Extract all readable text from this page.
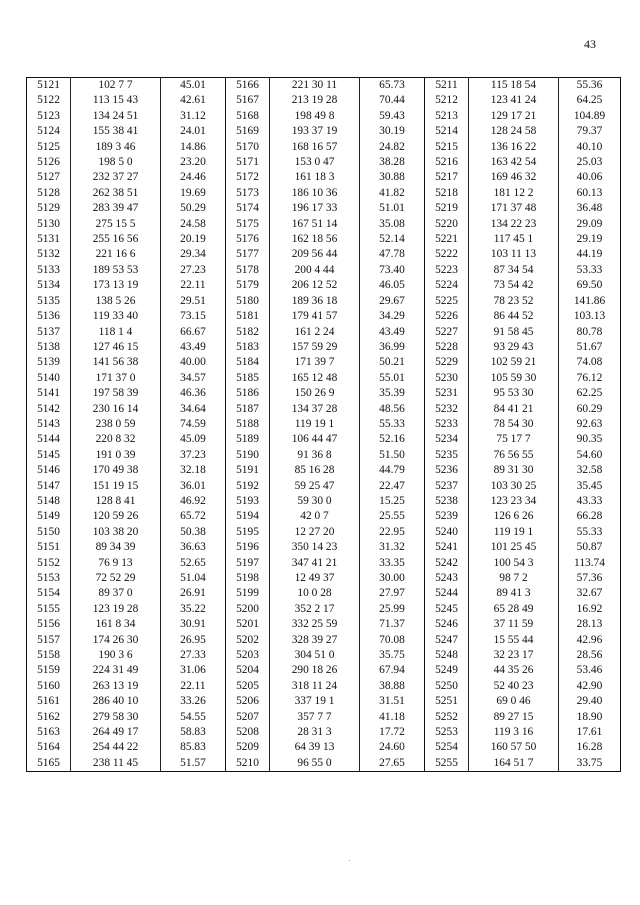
43
5121	102 7 7	45.01	5166	221 30 11	65.73	5211	115 18 54	55.36
5122	113 15 43	42.61	5167	213 19 28	70.44	5212	123 41 24	64.25
5123	134 24 51	31.12	5168	198 49 8	59.43	5213	129 17 21	104.89
5124	155 38 41	24.01	5169	193 37 19	30.19	5214	128 24 58	79.37
5125	189 3 46	14.86	5170	168 16 57	24.82	5215	136 16 22	40.10
5126	198 5 0	23.20	5171	153 0 47	38.28	5216	163 42 54	25.03
5127	232 37 27	24.46	5172	161 18 3	30.88	5217	169 46 32	40.06
5128	262 38 51	19.69	5173	186 10 36	41.82	5218	181 12 2	60.13
5129	283 39 47	50.29	5174	196 17 33	51.01	5219	171 37 48	36.48
5130	275 15 5	24.58	5175	167 51 14	35.08	5220	134 22 23	29.09
5131	255 16 56	20.19	5176	162 18 56	52.14	5221	117 45 1	29.19
5132	221 16 6	29.34	5177	209 56 44	47.78	5222	103 11 13	44.19
5133	189 53 53	27.23	5178	200 4 44	73.40	5223	87 34 54	53.33
5134	173 13 19	22.11	5179	206 12 52	46.05	5224	73 54 42	69.50
5135	138 5 26	29.51	5180	189 36 18	29.67	5225	78 23 52	141.86
5136	119 33 40	73.15	5181	179 41 57	34.29	5226	86 44 52	103.13
5137	118 1 4	66.67	5182	161 2 24	43.49	5227	91 58 45	80.78
5138	127 46 15	43.49	5183	157 59 29	36.99	5228	93 29 43	51.67
5139	141 56 38	40.00	5184	171 39 7	50.21	5229	102 59 21	74.08
5140	171 37 0	34.57	5185	165 12 48	55.01	5230	105 59 30	76.12
5141	197 58 39	46.36	5186	150 26 9	35.39	5231	95 53 30	62.25
5142	230 16 14	34.64	5187	134 37 28	48.56	5232	84 41 21	60.29
5143	238 0 59	74.59	5188	119 19 1	55.33	5233	78 54 30	92.63
5144	220 8 32	45.09	5189	106 44 47	52.16	5234	75 17 7	90.35
5145	191 0 39	37.23	5190	91 36 8	51.50	5235	76 56 55	54.60
5146	170 49 38	32.18	5191	85 16 28	44.79	5236	89 31 30	32.58
5147	151 19 15	36.01	5192	59 25 47	22.47	5237	103 30 25	35.45
5148	128 8 41	46.92	5193	59 30 0	15.25	5238	123 23 34	43.33
5149	120 59 26	65.72	5194	42 0 7	25.55	5239	126 6 26	66.28
5150	103 38 20	50.38	5195	12 27 20	22.95	5240	119 19 1	55.33
5151	89 34 39	36.63	5196	350 14 23	31.32	5241	101 25 45	50.87
5152	76 9 13	52.65	5197	347 41 21	33.35	5242	100 54 3	113.74
5153	72 52 29	51.04	5198	12 49 37	30.00	5243	98 7 2	57.36
5154	89 37 0	26.91	5199	10 0 28	27.97	5244	89 41 3	32.67
5155	123 19 28	35.22	5200	352 2 17	25.99	5245	65 28 49	16.92
5156	161 8 34	30.91	5201	332 25 59	71.37	5246	37 11 59	28.13
5157	174 26 30	26.95	5202	328 39 27	70.08	5247	15 55 44	42.96
5158	190 3 6	27.33	5203	304 51 0	35.75	5248	32 23 17	28.56
5159	224 31 49	31.06	5204	290 18 26	67.94	5249	44 35 26	53.46
5160	263 13 19	22.11	5205	318 11 24	38.88	5250	52 40 23	42.90
5161	286 40 10	33.26	5206	337 19 1	31.51	5251	69 0 46	29.40
5162	279 58 30	54.55	5207	357 7 7	41.18	5252	89 27 15	18.90
5163	264 49 17	58.83	5208	28 31 3	17.72	5253	119 3 16	17.61
5164	254 44 22	85.83	5209	64 39 13	24.60	5254	160 57 50	16.28
5165	238 11 45	51.57	5210	96 55 0	27.65	5255	164 51 7	33.75
